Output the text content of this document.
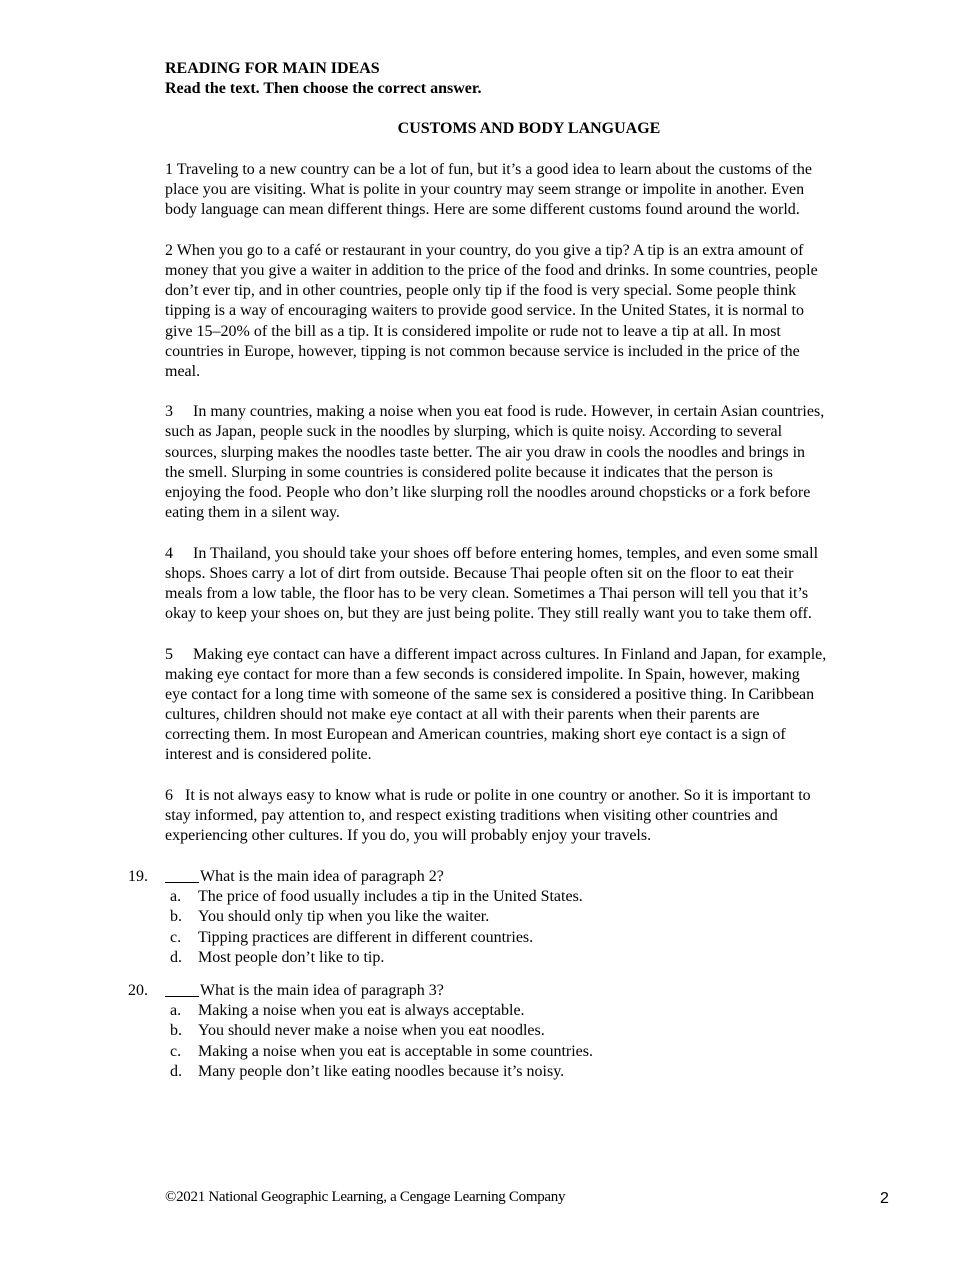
READING FOR MAIN IDEAS
Read the text. Then choose the correct answer.
CUSTOMS AND BODY LANGUAGE
1 Traveling to a new country can be a lot of fun, but it’s a good idea to learn about the customs of the
place you are visiting. What is polite in your country may seem strange or impolite in another. Even
body language can mean different things. Here are some different customs found around the world.
2 When you go to a café or restaurant in your country, do you give a tip? A tip is an extra amount of
money that you give a waiter in addition to the price of the food and drinks. In some countries, people
don’t ever tip, and in other countries, people only tip if the food is very special. Some people think
tipping is a way of encouraging waiters to provide good service. In the United States, it is normal to
give 15–20% of the bill as a tip. It is considered impolite or rude not to leave a tip at all. In most
countries in Europe, however, tipping is not common because service is included in the price of the
meal.
3     In many countries, making a noise when you eat food is rude. However, in certain Asian countries,
such as Japan, people suck in the noodles by slurping, which is quite noisy. According to several
sources, slurping makes the noodles taste better. The air you draw in cools the noodles and brings in
the smell. Slurping in some countries is considered polite because it indicates that the person is
enjoying the food. People who don’t like slurping roll the noodles around chopsticks or a fork before
eating them in a silent way.
4     In Thailand, you should take your shoes off before entering homes, temples, and even some small
shops. Shoes carry a lot of dirt from outside. Because Thai people often sit on the floor to eat their
meals from a low table, the floor has to be very clean. Sometimes a Thai person will tell you that it’s
okay to keep your shoes on, but they are just being polite. They still really want you to take them off.
5     Making eye contact can have a different impact across cultures. In Finland and Japan, for example,
making eye contact for more than a few seconds is considered impolite. In Spain, however, making
eye contact for a long time with someone of the same sex is considered a positive thing. In Caribbean
cultures, children should not make eye contact at all with their parents when their parents are
correcting them. In most European and American countries, making short eye contact is a sign of
interest and is considered polite.
6   It is not always easy to know what is rude or polite in one country or another. So it is important to
stay informed, pay attention to, and respect existing traditions when visiting other countries and
experiencing other cultures. If you do, you will probably enjoy your travels.
19.	What is the main idea of paragraph 2?
a.	The price of food usually includes a tip in the United States.
b.	You should only tip when you like the waiter.
c.	Tipping practices are different in different countries.
d.	Most people don’t like to tip.
20.	What is the main idea of paragraph 3?
a.	Making a noise when you eat is always acceptable.
b.	You should never make a noise when you eat noodles.
c.	Making a noise when you eat is acceptable in some countries.
d.	Many people don’t like eating noodles because it’s noisy.
©2021 National Geographic Learning, a Cengage Learning Company	2
